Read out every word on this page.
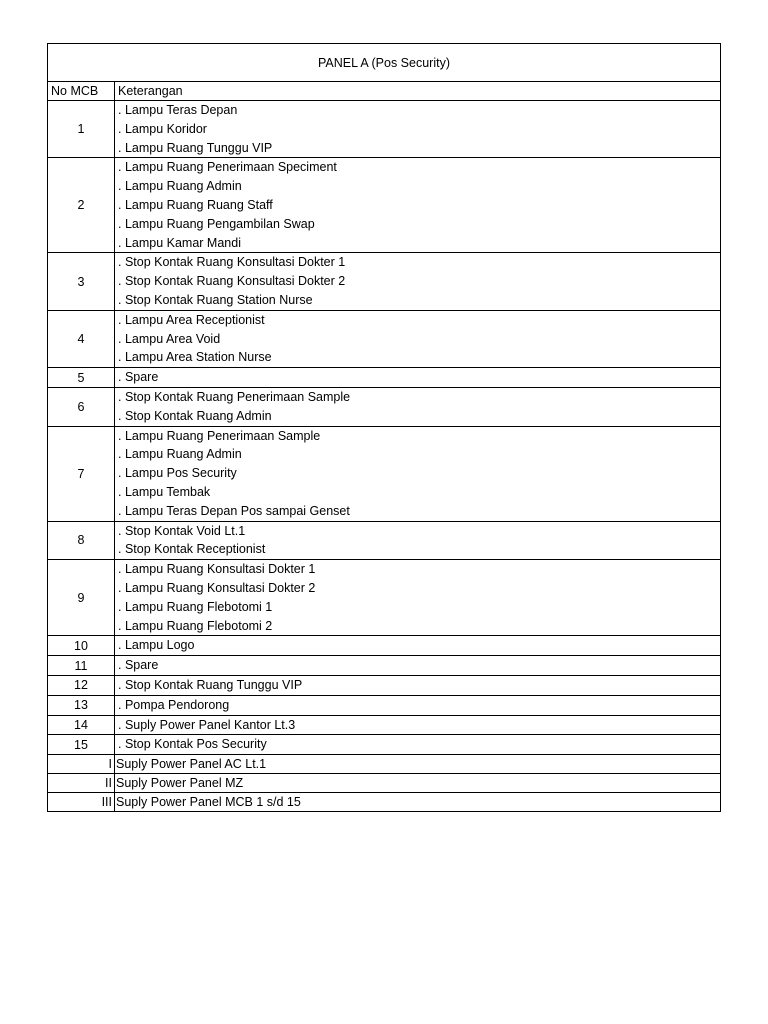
PANEL A (Pos Security)	
No MCB	Keterangan
1	. Lampu Teras Depan
. Lampu Koridor
. Lampu Ruang Tunggu VIP

2	. Lampu Ruang Penerimaan Speciment
. Lampu Ruang Admin
. Lampu Ruang Ruang Staff
. Lampu Ruang Pengambilan Swap
. Lampu Kamar Mandi

3	. Stop Kontak Ruang Konsultasi Dokter 1
. Stop Kontak Ruang Konsultasi Dokter 2
. Stop Kontak Ruang Station Nurse

4	. Lampu Area Receptionist
. Lampu Area Void
. Lampu Area Station Nurse

5	. Spare

6	. Stop Kontak Ruang Penerimaan Sample
. Stop Kontak Ruang Admin

7	. Lampu Ruang Penerimaan Sample
. Lampu Ruang Admin
. Lampu Pos Security
. Lampu Tembak
. Lampu Teras Depan Pos sampai Genset

8	. Stop Kontak Void Lt.1
. Stop Kontak Receptionist

9	. Lampu Ruang Konsultasi Dokter 1
. Lampu Ruang Konsultasi Dokter 2
. Lampu Ruang Flebotomi 1
. Lampu Ruang Flebotomi 2

10	. Lampu Logo

11	. Spare

12	. Stop Kontak Ruang Tunggu VIP

13	. Pompa Pendorong

14	. Suply Power Panel Kantor Lt.3

15	. Stop Kontak Pos Security

I	Suply Power Panel AC Lt.1
II	Suply Power Panel MZ
III	Suply Power Panel MCB 1 s/d 15
